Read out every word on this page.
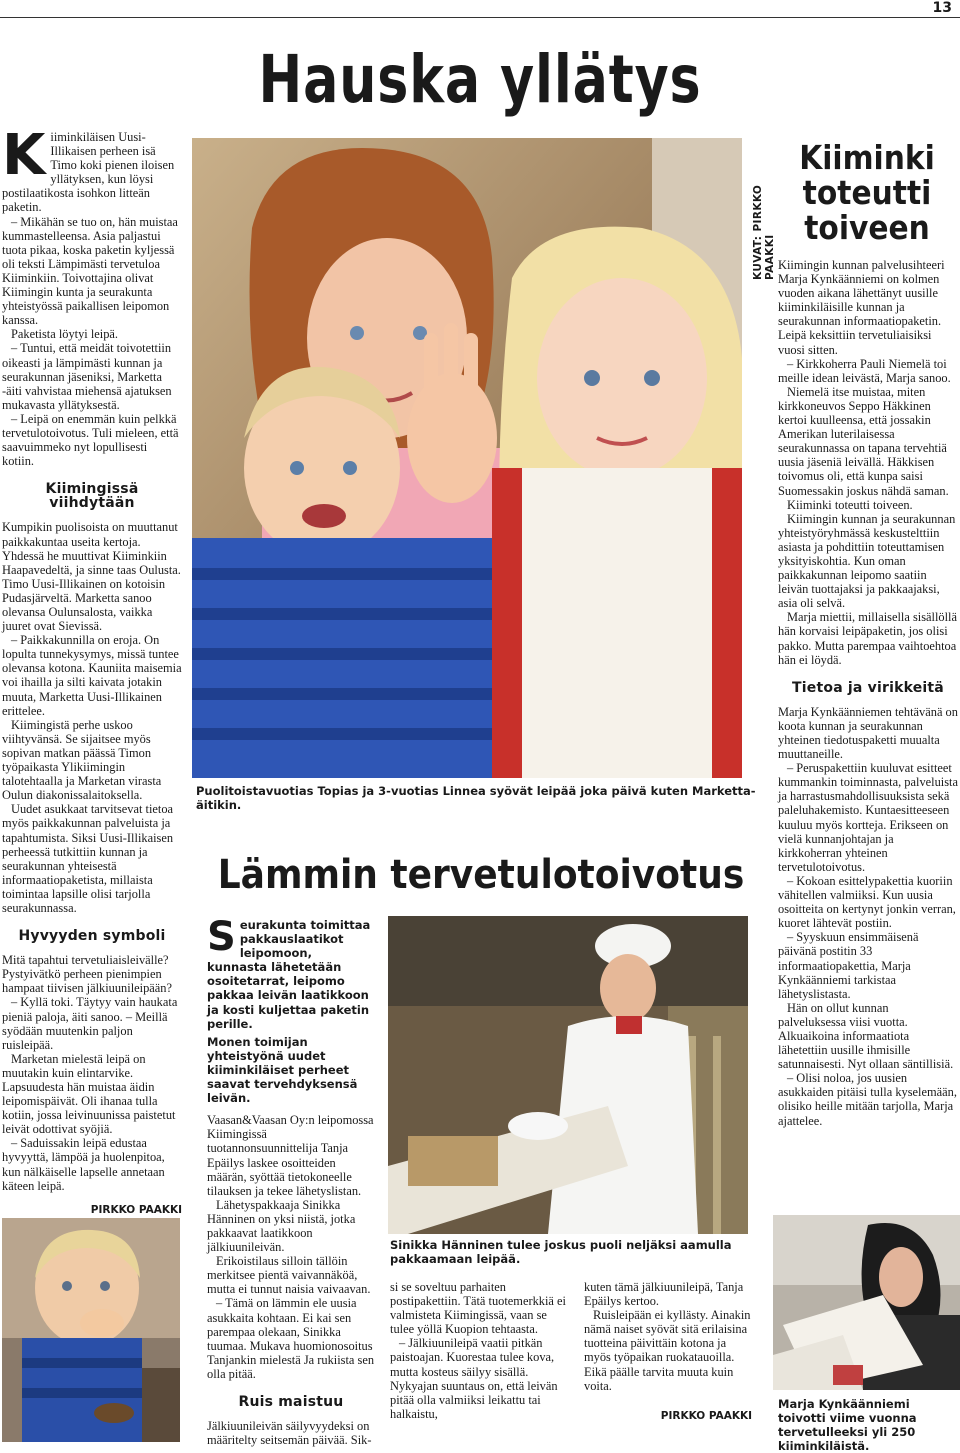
13
Hauska yllätys

Kiiminkiläisen Uusi-Illikaisen perheen isä Timo koki pienen iloisen yllätyksen, kun löysi postilaatikosta isohkon litteän paketin.

– Mikähän se tuo on, hän muistaa kummastelleensa. Asia paljastui tuota pikaa, koska paketin kyljessä oli teksti Lämpimästi tervetuloa Kiiminkiin. Toivottajina olivat Kiimingin kunta ja seurakunta yhteistyössä paikallisen leipomon kanssa.

Paketista löytyi leipä.

– Tuntui, että meidät toivotettiin oikeasti ja lämpimästi kunnan ja seurakunnan jäseniksi, Marketta -äiti vahvistaa miehensä ajatuksen mukavasta yllätyksestä.

– Leipä on enemmän kuin pelkkä tervetulotoivotus. Tuli mieleen, että saavuimmeko nyt lopullisesti kotiin.

Kiimingissä viihdytään

Kumpikin puolisoista on muuttanut paikkakuntaa useita kertoja. Yhdessä he muuttivat Kiiminkiin Haapavedeltä, ja sinne taas Oulusta. Timo Uusi-Illikainen on kotoisin Pudasjärveltä. Marketta sanoo olevansa Oulunsalosta, vaikka juuret ovat Sievissä.

– Paikkakunnilla on eroja. On lopulta tunnekysymys, missä tuntee olevansa kotona. Kauniita maisemia voi ihailla ja silti kaivata jotakin muuta, Marketta Uusi-Illikainen erittelee.

Kiimingistä perhe uskoo viihtyvänsä. Se sijaitsee myös sopivan matkan päässä Timon työpaikasta Ylikiimingin talotehtaalla ja Marketan virasta Oulun diakonissalaitoksella.

Uudet asukkaat tarvitsevat tietoa myös paikkakunnan palveluista ja tapahtumista. Siksi Uusi-Illikaisen perheessä tutkittiin kunnan ja seurakunnan yhteisestä informaatiopaketista, millaista toimintaa lapsille olisi tarjolla seurakunnassa.

Hyvyyden symboli

Mitä tapahtui tervetuliaisleivälle? Pystyivätkö perheen pienimpien hampaat tiivisen jälkiuunileipään?

– Kyllä toki. Täytyy vain haukata pieniä paloja, äiti sanoo. – Meillä syödään muutenkin paljon ruisleipää.

Marketan mielestä leipä on muutakin kuin elintarvike. Lapsuudesta hän muistaa äidin leipomispäivät. Oli ihanaa tulla kotiin, jossa leivinuunissa paistetut leivät odottivat syöjiä.

– Saduissakin leipä edustaa hyvyyttä, lämpöä ja huolenpitoa, kun nälkäiselle lapselle annetaan käteen leipä.

PIRKKO PAAKKI
KUVAT: PIRKKO PAAKKI
Puolitoistavuotias Topias ja 3-vuotias Linnea syövät leipää joka päivä kuten Marketta-äitikin.
Kiiminki toteutti toiveen

Kiimingin kunnan palvelusihteeri Marja Kynkäänniemi on kolmen vuoden aikana lähettänyt uusille kiiminkiläisille kunnan ja seurakunnan informaatiopaketin. Leipä keksittiin tervetuliaisiksi vuosi sitten.

– Kirkkoherra Pauli Niemelä toi meille idean leivästä, Marja sanoo.

Niemelä itse muistaa, miten kirkkoneuvos Seppo Häkkinen kertoi kuulleensa, että jossakin Amerikan luterilaisessa seurakunnassa on tapana tervehtiä uusia jäseniä leivällä. Häkkisen toivomus oli, että kunpa saisi Suomessakin joskus nähdä saman.

Kiiminki toteutti toiveen.

Kiimingin kunnan ja seurakunnan yhteistyöryhmässä keskustelttiin asiasta ja pohdittiin toteuttamisen yksityiskohtia. Kun oman paikkakunnan leipomo saatiin leivän tuottajaksi ja pakkaajaksi, asia oli selvä.

Marja miettii, millaisella sisällöllä hän korvaisi leipäpaketin, jos olisi pakko. Mutta parempaa vaihtoehtoa hän ei löydä.

Tietoa ja virikkeitä

Marja Kynkäänniemen tehtävänä on koota kunnan ja seurakunnan yhteinen tiedotuspaketti muualta muuttaneille.

– Peruspakettiin kuuluvat esitteet kummankin toiminnasta, palveluista ja harrastusmahdollisuuksista sekä paleluhakemisto. Kuntaesitteeseen kuuluu myös kortteja. Erikseen on vielä kunnanjohtajan ja kirkkoherran yhteinen tervetulotoivotus.

– Kokoan esittelypakettia kuoriin vähitellen valmiiksi. Kun uusia osoitteita on kertynyt jonkin verran, kuoret lähtevät postiin.

– Syyskuun ensimmäisenä päivänä postitin 33 informaatiopakettia, Marja Kynkäänniemi tarkistaa lähetyslistasta.

Hän on ollut kunnan palveluksessa viisi vuotta. Alkuaikoina informaatiota lähetettiin uusille ihmisille satunnaisesti. Nyt ollaan säntillisiä.

– Olisi noloa, jos uusien asukkaiden pitäisi tulla kyselemään, olisiko heille mitään tarjolla, Marja ajattelee.

Marja Kynkäänniemi toivotti viime vuonna tervetulleeksi yli 250 kiiminkiläistä.
Lämmin tervetulotoivotus

Seurakunta toimittaa pakkauslaatikot leipomoon, kunnasta lähetetään osoitetarrat, leipomo pakkaa leivän laatikkoon ja kosti kuljettaa paketin perille.

Monen toimijan yhteistyönä uudet kiiminkiläiset perheet saavat tervehdyksensä leivän.

Vaasan&Vaasan Oy:n leipomossa Kiimingissä tuotannonsuunnittelija Tanja Epäilys laskee osoitteiden määrän, syöttää tietokoneelle tilauksen ja tekee lähetyslistan.

Lähetyspakkaaja Sinikka Hänninen on yksi niistä, jotka pakkaavat laatikkoon jälkiuunileivän.

Erikoistilaus silloin tällöin merkitsee pientä vaivannäköä, mutta ei tunnut naisia vaivaavan.

– Tämä on lämmin ele uusia asukkaita kohtaan. Ei kai sen parempaa olekaan, Sinikka tuumaa. Mukava huomionosoitus Tanjankin mielestä Ja rukiista sen olla pitää.

Ruis maistuu

Jälkiuunileivän säilyvyydeksi on määritelty seitsemän päivää. Sik-

Sinikka Hänninen tulee joskus puoli neljäksi aamulla pakkaamaan leipää.

si se soveltuu parhaiten postipakettiin. Tätä tuotemerkkiä ei valmisteta Kiimingissä, vaan se tulee yöllä Kuopion tehtaasta.

– Jälkiuunileipä vaatii pitkän paistoajan. Kuorestaa tulee kova, mutta kosteus säilyy sisällä. Nykyajan suuntaus on, että leivän pitää olla valmiiksi leikattu tai halkaistu,

kuten tämä jälkiuunileipä, Tanja Epäilys kertoo.

Ruisleipään ei kyllästy. Ainakin nämä naiset syövät sitä erilaisina tuotteina päivittäin kotona ja myös työpaikan ruokatauoilla. Eikä päälle tarvita muuta kuin voita.

PIRKKO PAAKKI
